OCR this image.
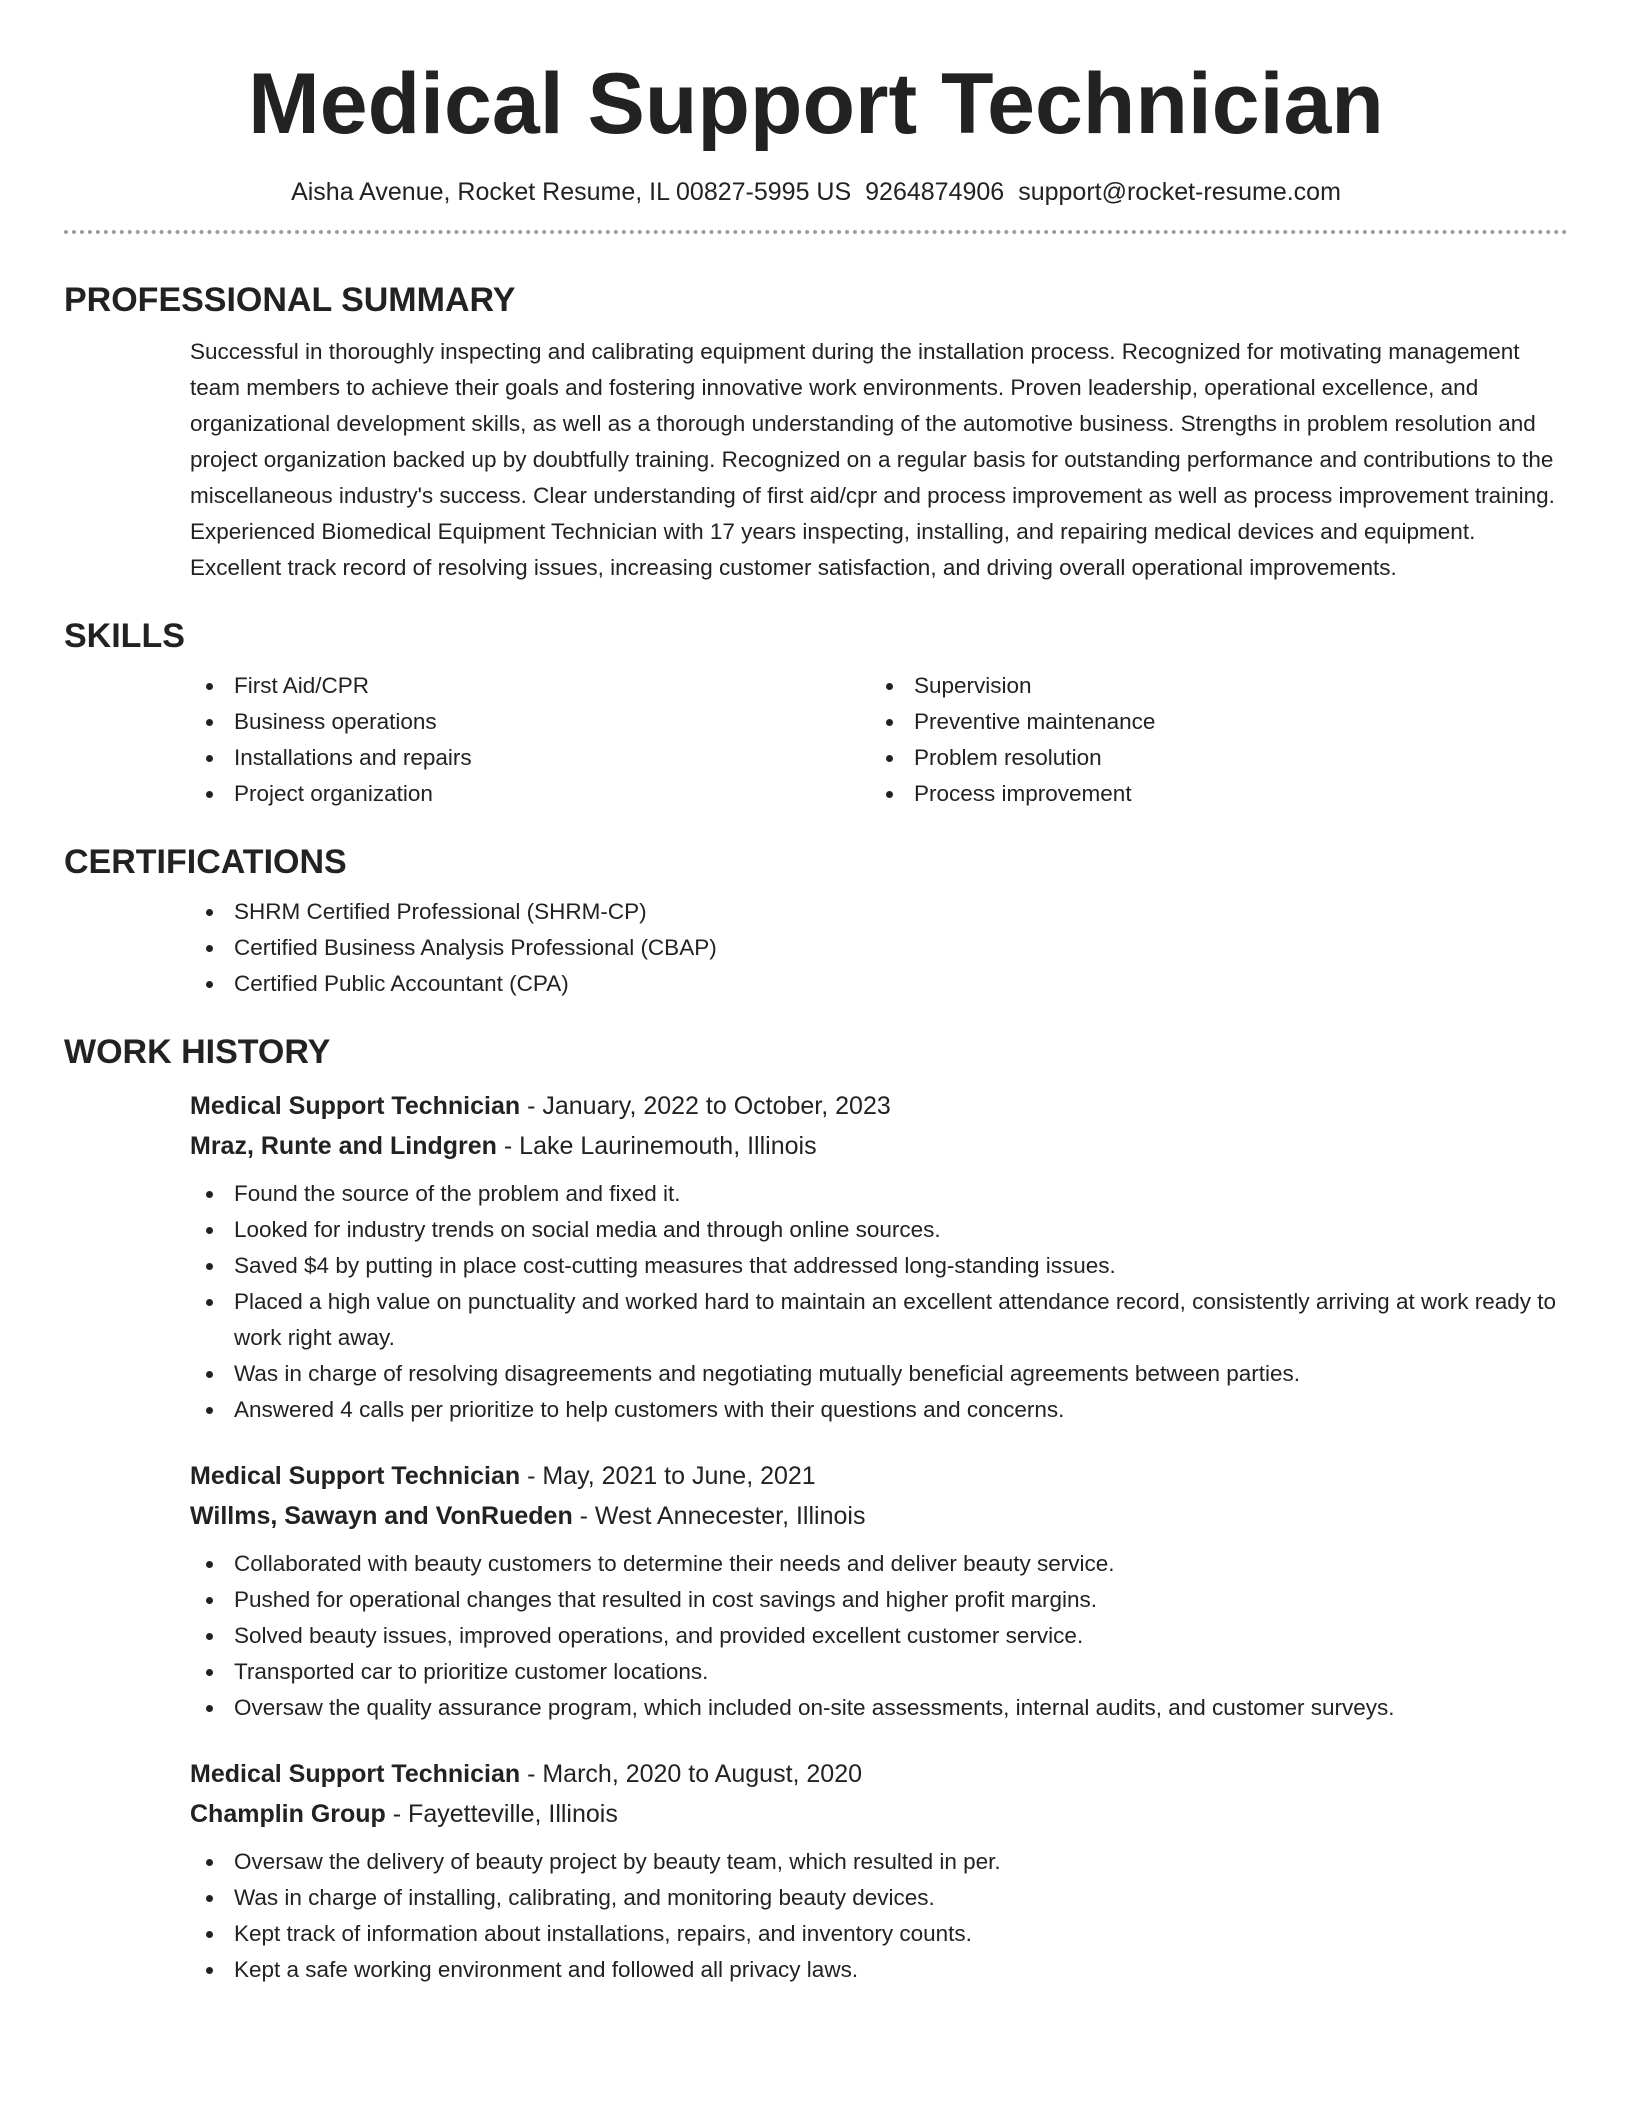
Medical Support Technician
Aisha Avenue, Rocket Resume, IL 00827-5995 US 9264874906 support@rocket-resume.com
PROFESSIONAL SUMMARY
Successful in thoroughly inspecting and calibrating equipment during the installation process. Recognized for motivating management team members to achieve their goals and fostering innovative work environments. Proven leadership, operational excellence, and organizational development skills, as well as a thorough understanding of the automotive business. Strengths in problem resolution and project organization backed up by doubtfully training. Recognized on a regular basis for outstanding performance and contributions to the miscellaneous industry's success. Clear understanding of first aid/cpr and process improvement as well as process improvement training. Experienced Biomedical Equipment Technician with 17 years inspecting, installing, and repairing medical devices and equipment. Excellent track record of resolving issues, increasing customer satisfaction, and driving overall operational improvements.
SKILLS
First Aid/CPR
Business operations
Installations and repairs
Project organization
Supervision
Preventive maintenance
Problem resolution
Process improvement
CERTIFICATIONS
SHRM Certified Professional (SHRM-CP)
Certified Business Analysis Professional (CBAP)
Certified Public Accountant (CPA)
WORK HISTORY
Medical Support Technician - January, 2022 to October, 2023
Mraz, Runte and Lindgren - Lake Laurinemouth, Illinois
Found the source of the problem and fixed it.
Looked for industry trends on social media and through online sources.
Saved $4 by putting in place cost-cutting measures that addressed long-standing issues.
Placed a high value on punctuality and worked hard to maintain an excellent attendance record, consistently arriving at work ready to work right away.
Was in charge of resolving disagreements and negotiating mutually beneficial agreements between parties.
Answered 4 calls per prioritize to help customers with their questions and concerns.
Medical Support Technician - May, 2021 to June, 2021
Willms, Sawayn and VonRueden - West Annecester, Illinois
Collaborated with beauty customers to determine their needs and deliver beauty service.
Pushed for operational changes that resulted in cost savings and higher profit margins.
Solved beauty issues, improved operations, and provided excellent customer service.
Transported car to prioritize customer locations.
Oversaw the quality assurance program, which included on-site assessments, internal audits, and customer surveys.
Medical Support Technician - March, 2020 to August, 2020
Champlin Group - Fayetteville, Illinois
Oversaw the delivery of beauty project by beauty team, which resulted in per.
Was in charge of installing, calibrating, and monitoring beauty devices.
Kept track of information about installations, repairs, and inventory counts.
Kept a safe working environment and followed all privacy laws.
